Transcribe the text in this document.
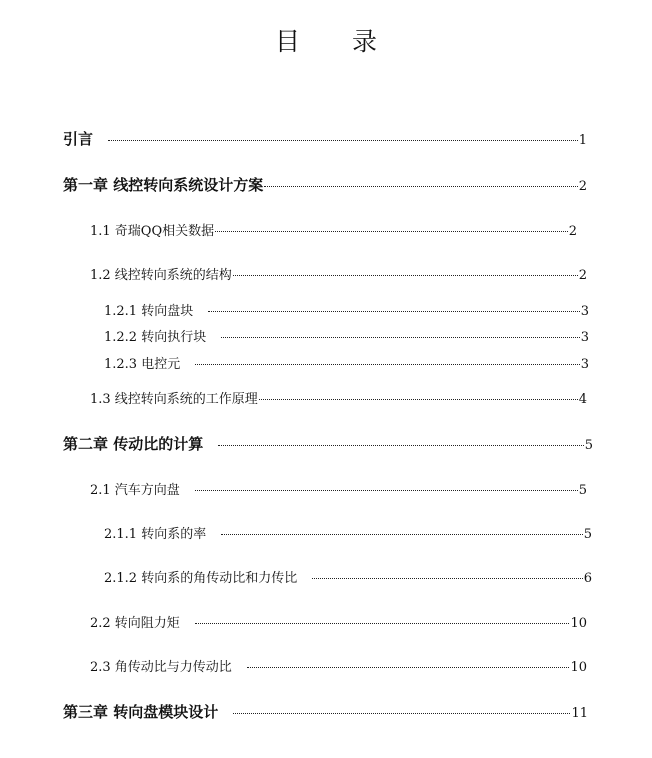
目 录
引言	1
第一章 线控转向系统设计方案	2
1.1 奇瑞QQ相关数据	2
1.2 线控转向系统的结构	2
1.2.1 转向盘块	3
1.2.2 转向执行块	3
1.2.3 电控元	3
1.3 线控转向系统的工作原理	4
第二章 传动比的计算	5
2.1 汽车方向盘	5
2.1.1 转向系的率	5
2.1.2 转向系的角传动比和力传比	6
2.2 转向阻力矩	10
2.3 角传动比与力传动比	10
第三章 转向盘模块设计	11
